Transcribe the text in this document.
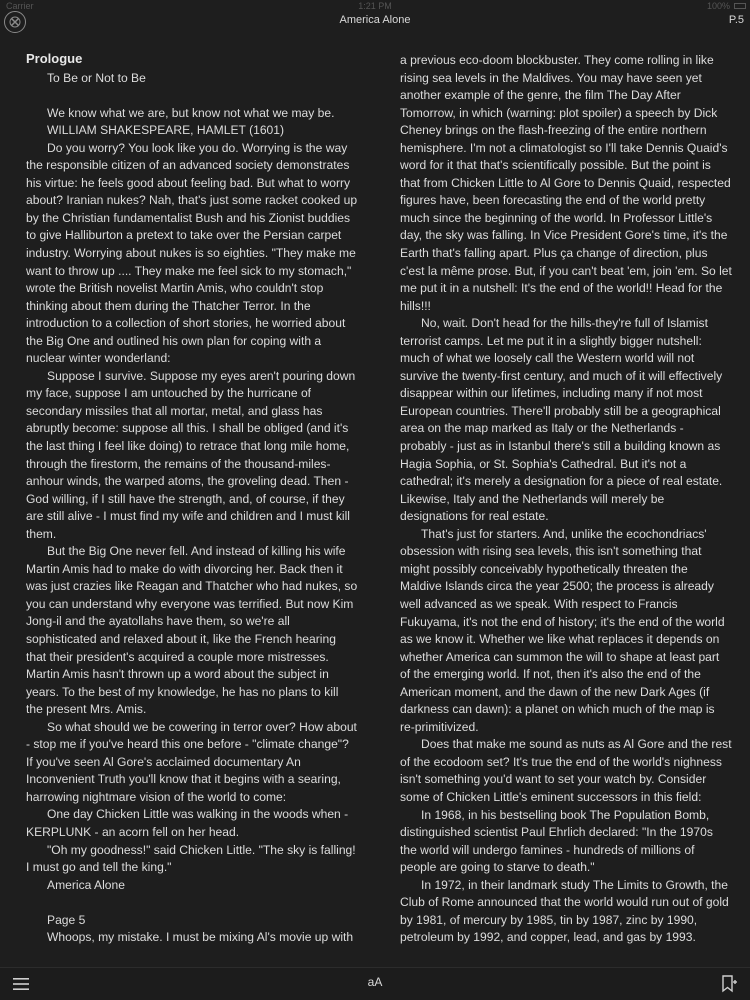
Carrier	1:21 PM	100%
America Alone	P.5

Prologue

To Be or Not to Be

We know what we are, but know not what we may be.

WILLIAM SHAKESPEARE, HAMLET (1601)

Do you worry? You look like you do. Worrying is the way the responsible citizen of an advanced society demonstrates his virtue: he feels good about feeling bad. But what to worry about? Iranian nukes? Nah, that's just some racket cooked up by the Christian fundamentalist Bush and his Zionist buddies to give Halliburton a pretext to take over the Persian carpet industry. Worrying about nukes is so eighties. "They make me want to throw up .... They make me feel sick to my stomach," wrote the British novelist Martin Amis, who couldn't stop thinking about them during the Thatcher Terror. In the introduction to a collection of short stories, he worried about the Big One and outlined his own plan for coping with a nuclear winter wonderland:

Suppose I survive. Suppose my eyes aren't pouring down my face, suppose I am untouched by the hurricane of secondary missiles that all mortar, metal, and glass has abruptly become: suppose all this. I shall be obliged (and it's the last thing I feel like doing) to retrace that long mile home, through the firestorm, the remains of the thousand-miles-anhour winds, the warped atoms, the groveling dead. Then - God willing, if I still have the strength, and, of course, if they are still alive - I must find my wife and children and I must kill them.

But the Big One never fell. And instead of killing his wife Martin Amis had to make do with divorcing her. Back then it was just crazies like Reagan and Thatcher who had nukes, so you can understand why everyone was terrified. But now Kim Jong-il and the ayatollahs have them, so we're all sophisticated and relaxed about it, like the French hearing that their president's acquired a couple more mistresses. Martin Amis hasn't thrown up a word about the subject in years. To the best of my knowledge, he has no plans to kill the present Mrs. Amis.

So what should we be cowering in terror over? How about - stop me if you've heard this one before - "climate change"? If you've seen Al Gore's acclaimed documentary An Inconvenient Truth you'll know that it begins with a searing, harrowing nightmare vision of the world to come:

One day Chicken Little was walking in the woods when - KERPLUNK - an acorn fell on her head.

"Oh my goodness!" said Chicken Little. "The sky is falling! I must go and tell the king."

America Alone

Page 5

Whoops, my mistake. I must be mixing Al's movie up with

a previous eco-doom blockbuster. They come rolling in like rising sea levels in the Maldives. You may have seen yet another example of the genre, the film The Day After Tomorrow, in which (warning: plot spoiler) a speech by Dick Cheney brings on the flash-freezing of the entire northern hemisphere. I'm not a climatologist so I'll take Dennis Quaid's word for it that that's scientifically possible. But the point is that from Chicken Little to Al Gore to Dennis Quaid, respected figures have, been forecasting the end of the world pretty much since the beginning of the world. In Professor Little's day, the sky was falling. In Vice President Gore's time, it's the Earth that's falling apart. Plus ça change of direction, plus c'est la même prose. But, if you can't beat 'em, join 'em. So let me put it in a nutshell: It's the end of the world!! Head for the hills!!!

No, wait. Don't head for the hills-they're full of Islamist terrorist camps. Let me put it in a slightly bigger nutshell: much of what we loosely call the Western world will not survive the twenty-first century, and much of it will effectively disappear within our lifetimes, including many if not most European countries. There'll probably still be a geographical area on the map marked as Italy or the Netherlands - probably - just as in Istanbul there's still a building known as Hagia Sophia, or St. Sophia's Cathedral. But it's not a cathedral; it's merely a designation for a piece of real estate. Likewise, Italy and the Netherlands will merely be designations for real estate.

That's just for starters. And, unlike the ecochondriacs' obsession with rising sea levels, this isn't something that might possibly conceivably hypothetically threaten the Maldive Islands circa the year 2500; the process is already well advanced as we speak. With respect to Francis Fukuyama, it's not the end of history; it's the end of the world as we know it. Whether we like what replaces it depends on whether America can summon the will to shape at least part of the emerging world. If not, then it's also the end of the American moment, and the dawn of the new Dark Ages (if darkness can dawn): a planet on which much of the map is re-primitivized.

Does that make me sound as nuts as Al Gore and the rest of the ecodoom set? It's true the end of the world's nighness isn't something you'd want to set your watch by. Consider some of Chicken Little's eminent successors in this field:

In 1968, in his bestselling book The Population Bomb, distinguished scientist Paul Ehrlich declared: "In the 1970s the world will undergo famines - hundreds of millions of people are going to starve to death."

In 1972, in their landmark study The Limits to Growth, the Club of Rome announced that the world would run out of gold by 1981, of mercury by 1985, tin by 1987, zinc by 1990, petroleum by 1992, and copper, lead, and gas by 1993.

aA
